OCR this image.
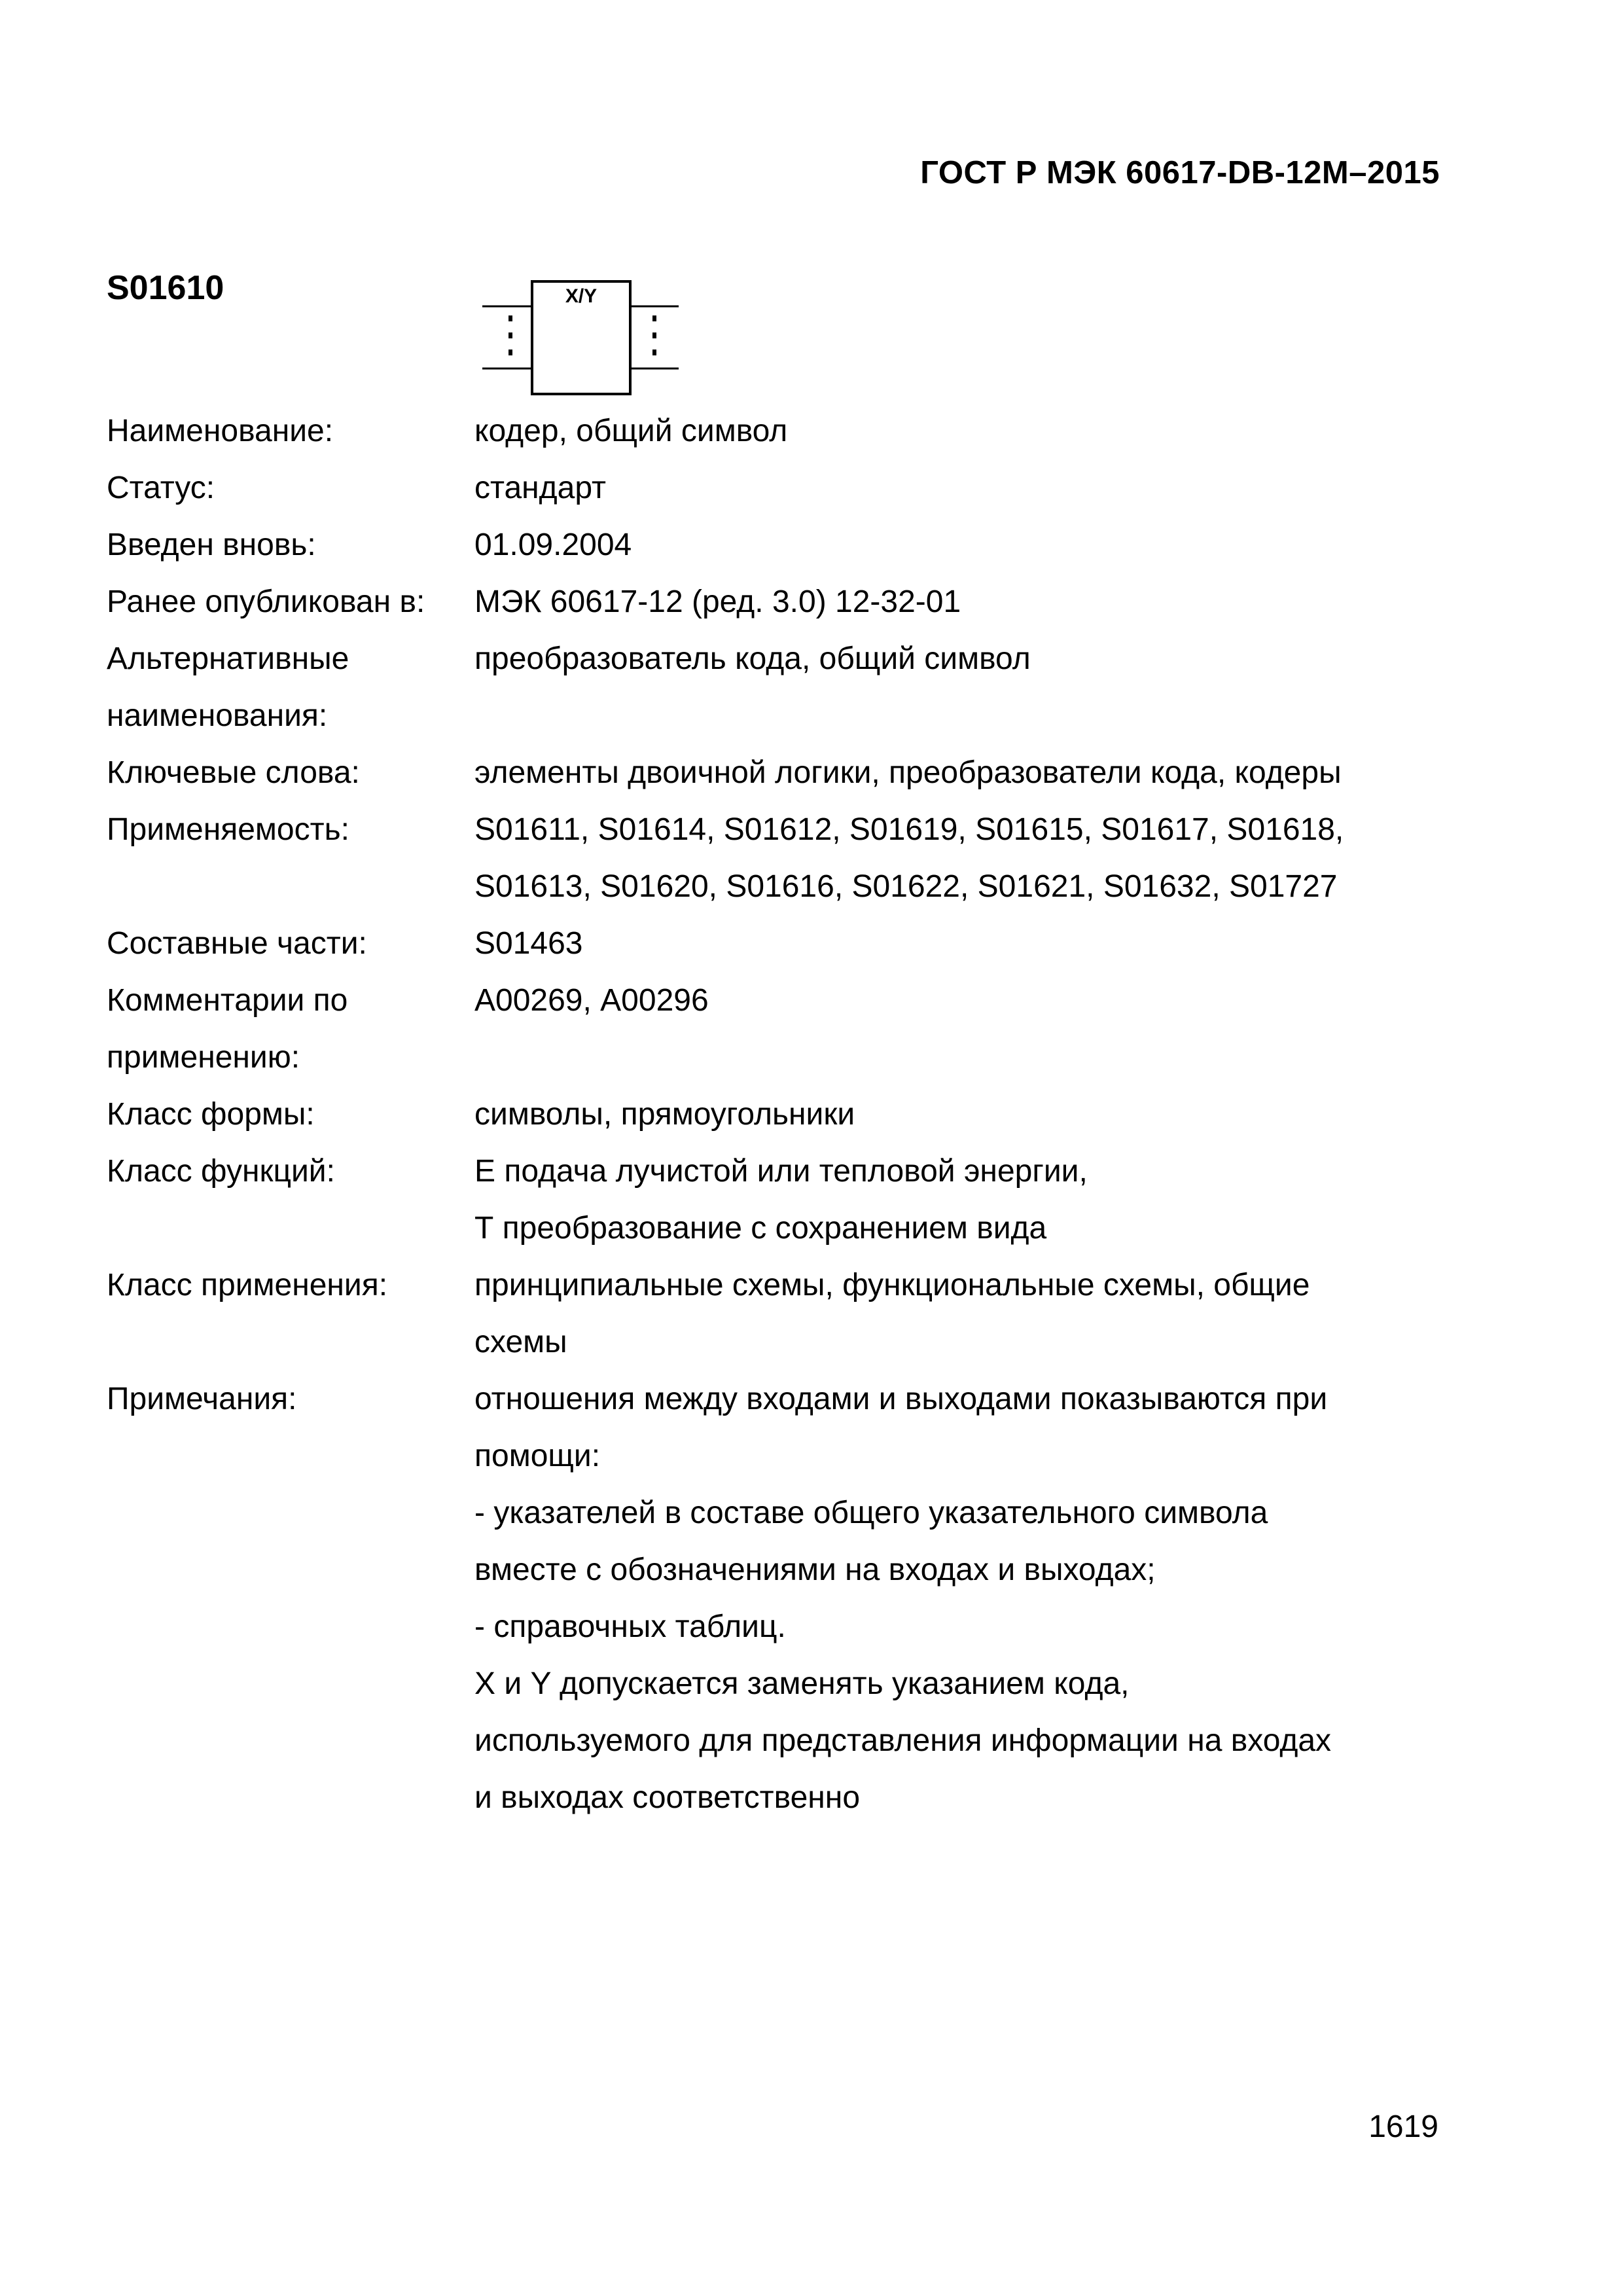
ГОСТ Р МЭК 60617-DB-12M–2015
S01610	X/Y
Наименование:	кодер, общий символ
Статус:	стандарт
Введен вновь:	01.09.2004
Ранее опубликован в:	МЭК 60617-12 (ред. 3.0) 12-32-01
Альтернативные
наименования:
преобразователь кода, общий символ
Ключевые слова:	элементы двоичной логики, преобразователи кода, кодеры
Применяемость:	S01611, S01614, S01612, S01619, S01615, S01617, S01618,
S01613, S01620, S01616, S01622, S01621, S01632, S01727
Составные части:	S01463
Комментарии по
применению:
А00269, А00296
Класс формы:	символы, прямоугольники
Класс функций:	Е подача лучистой или тепловой энергии,
Т преобразование с сохранением вида
Класс применения:	принципиальные схемы, функциональные схемы, общие
схемы
Примечания:	отношения между входами и выходами показываются при
помощи:
- указателей в составе общего указательного символа
вместе с обозначениями на входах и выходах;
- справочных таблиц.
X и Y допускается заменять указанием кода,
используемого для представления информации на входах
и выходах соответственно
1619
